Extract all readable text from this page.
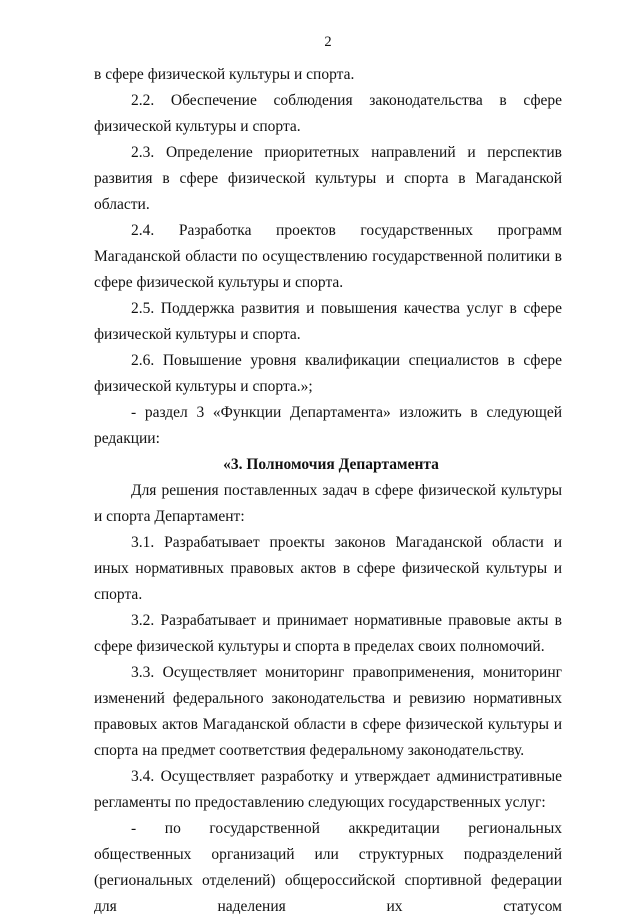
2

в сфере физической культуры и спорта.

2.2. Обеспечение соблюдения законодательства в сфере физической культуры и спорта.

2.3. Определение приоритетных направлений и перспектив развития в сфере физической культуры и спорта в Магаданской области.

2.4. Разработка проектов государственных программ Магаданской области по осуществлению государственной политики в сфере физической культуры и спорта.

2.5. Поддержка развития и повышения качества услуг в сфере физической культуры и спорта.

2.6. Повышение уровня квалификации специалистов в сфере физической культуры и спорта.»;

- раздел 3 «Функции Департамента» изложить в следующей редакции:

«3. Полномочия Департамента

Для решения поставленных задач в сфере физической культуры и спорта Департамент:

3.1. Разрабатывает проекты законов Магаданской области и иных нормативных правовых актов в сфере физической культуры и спорта.

3.2. Разрабатывает и принимает нормативные правовые акты в сфере физической культуры и спорта в пределах своих полномочий.

3.3. Осуществляет мониторинг правоприменения, мониторинг изменений федерального законодательства и ревизию нормативных правовых актов Магаданской области в сфере физической культуры и спорта на предмет соответствия федеральному законодательству.

3.4. Осуществляет разработку и утверждает административные регламенты по предоставлению следующих государственных услуг:

- по государственной аккредитации региональных общественных организаций или структурных подразделений (региональных отделений) общероссийской спортивной федерации для наделения их статусом
